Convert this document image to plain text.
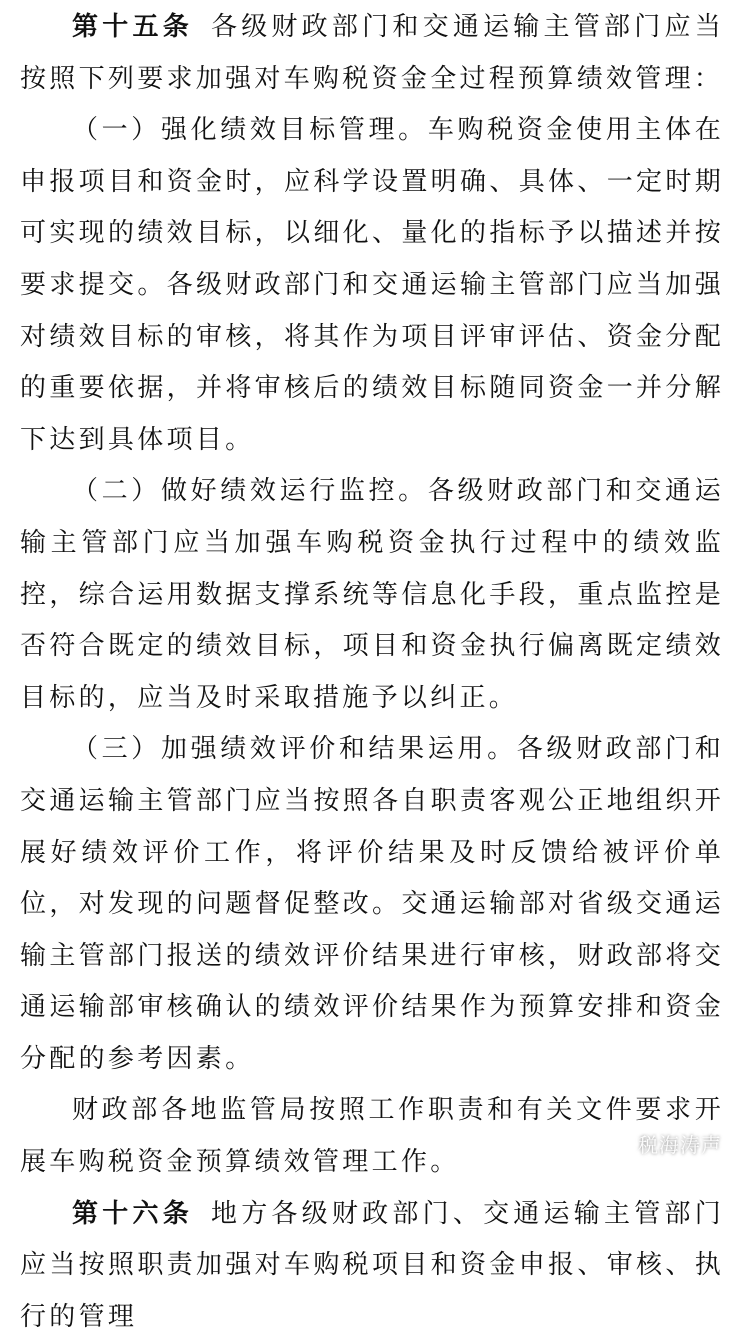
第十五条 各级财政部门和交通运输主管部门应当按照下列要求加强对车购税资金全过程预算绩效管理：

（一）强化绩效目标管理。车购税资金使用主体在申报项目和资金时，应科学设置明确、具体、一定时期可实现的绩效目标，以细化、量化的指标予以描述并按要求提交。各级财政部门和交通运输主管部门应当加强对绩效目标的审核，将其作为项目评审评估、资金分配的重要依据，并将审核后的绩效目标随同资金一并分解下达到具体项目。

（二）做好绩效运行监控。各级财政部门和交通运输主管部门应当加强车购税资金执行过程中的绩效监控，综合运用数据支撑系统等信息化手段，重点监控是否符合既定的绩效目标，项目和资金执行偏离既定绩效目标的，应当及时采取措施予以纠正。

（三）加强绩效评价和结果运用。各级财政部门和交通运输主管部门应当按照各自职责客观公正地组织开展好绩效评价工作，将评价结果及时反馈给被评价单位，对发现的问题督促整改。交通运输部对省级交通运输主管部门报送的绩效评价结果进行审核，财政部将交通运输部审核确认的绩效评价结果作为预算安排和资金分配的参考因素。

财政部各地监管局按照工作职责和有关文件要求开展车购税资金预算绩效管理工作。

第十六条 地方各级财政部门、交通运输主管部门应当按照职责加强对车购税项目和资金申报、审核、执行的管理

税海涛声
